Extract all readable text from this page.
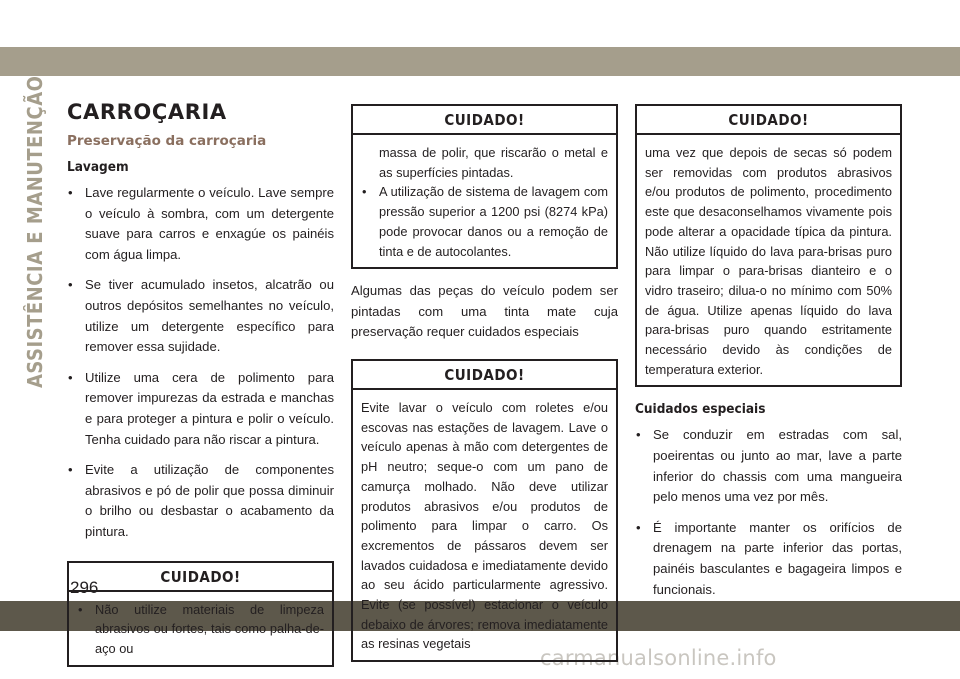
ASSISTÊNCIA E MANUTENÇÃO
296
carmanualsonline.info
CARROÇARIA
Preservação da carroçaria
Lavagem
• Lave regularmente o veículo. Lave sempre o veículo à sombra, com um detergente suave para carros e enxagúe os painéis com água limpa.
• Se tiver acumulado insetos, alcatrão ou outros depósitos semelhantes no veículo, utilize um detergente específico para remover essa sujidade.
• Utilize uma cera de polimento para remover impurezas da estrada e manchas e para proteger a pintura e polir o veículo. Tenha cuidado para não riscar a pintura.
• Evite a utilização de componentes abrasivos e pó de polir que possa diminuir o brilho ou desbastar o acabamento da pintura.
CUIDADO!
• Não utilize materiais de limpeza abrasivos ou fortes, tais como palha-de-aço ou
CUIDADO!
massa de polir, que riscarão o metal e as superfícies pintadas.
• A utilização de sistema de lavagem com pressão superior a 1200 psi (8274 kPa) pode provocar danos ou a remoção de tinta e de autocolantes.

Algumas das peças do veículo podem ser pintadas com uma tinta mate cuja preservação requer cuidados especiais

CUIDADO!
Evite lavar o veículo com roletes e/ou escovas nas estações de lavagem. Lave o veículo apenas à mão com detergentes de pH neutro; seque-o com um pano de camurça molhado. Não deve utilizar produtos abrasivos e/ou produtos de polimento para limpar o carro. Os excrementos de pássaros devem ser lavados cuidadosa e imediatamente devido ao seu ácido particularmente agressivo. Evite (se possível) estacionar o veículo debaixo de árvores; remova imediatamente as resinas vegetais
CUIDADO!
uma vez que depois de secas só podem ser removidas com produtos abrasivos e/ou produtos de polimento, procedimento este que desaconselhamos vivamente pois pode alterar a opacidade típica da pintura. Não utilize líquido do lava para-brisas puro para limpar o para-brisas dianteiro e o vidro traseiro; dilua-o no mínimo com 50% de água. Utilize apenas líquido do lava para-brisas puro quando estritamente necessário devido às condições de temperatura exterior.
Cuidados especiais
• Se conduzir em estradas com sal, poeirentas ou junto ao mar, lave a parte inferior do chassis com uma mangueira pelo menos uma vez por mês.
• É importante manter os orifícios de drenagem na parte inferior das portas, painéis basculantes e bagageira limpos e funcionais.
